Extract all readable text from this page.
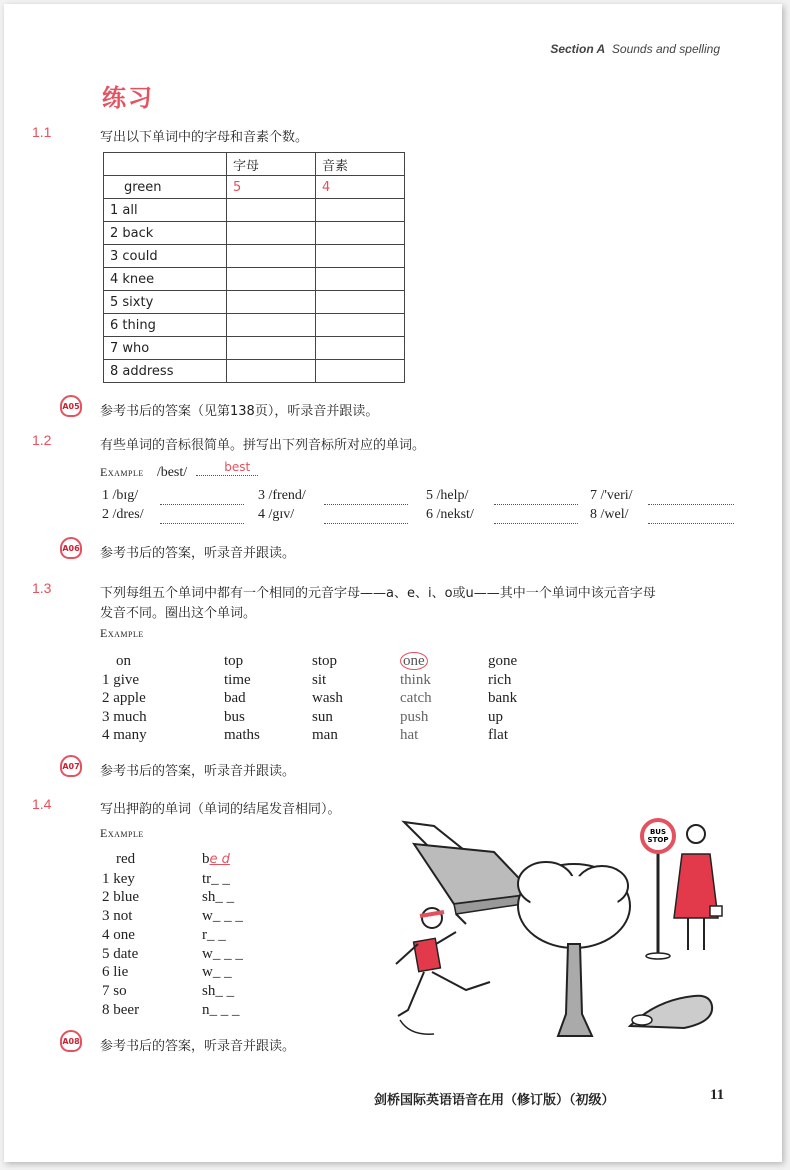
Section A Sounds and spelling
练习
1.1	写出以下单词中的字母和音素个数。
	字母	音素
green	5	4
1 all		
2 back		
3 could		
4 knee		
5 sixty		
6 thing		
7 who		
8 address		
A05 参考书后的答案（见第138页），听录音并跟读。
1.2	有些单词的音标很简单。拼写出下列音标所对应的单词。
Example /best/	best
1 /bɪg/	3 /frend/	5 /help/	7 /'veri/
2 /dres/	4 /gɪv/	6 /nekst/	8 /wel/
A06 参考书后的答案，听录音并跟读。
1.3	下列每组五个单词中都有一个相同的元音字母——a、e、i、o或u——其中一个单词中该元音字母
发音不同。圈出这个单词。
Example
on	top	stop	one	gone
1 give	time	sit	think	rich
2 apple	bad	wash	catch	bank
3 much	bus	sun	push	up
4 many	maths	man	hat	flat
A07 参考书后的答案，听录音并跟读。
1.4	写出押韵的单词（单词的结尾发音相同）。
Example
red	be d
1 key	tr_ _
2 blue	sh_ _
3 not	w_ _ _
4 one	r_ _
5 date	w_ _ _
6 lie	w_ _
7 so	sh_ _
8 beer	n_ _ _
BUS
STOP
A08 参考书后的答案，听录音并跟读。
剑桥国际英语语音在用（修订版）（初级）	11
